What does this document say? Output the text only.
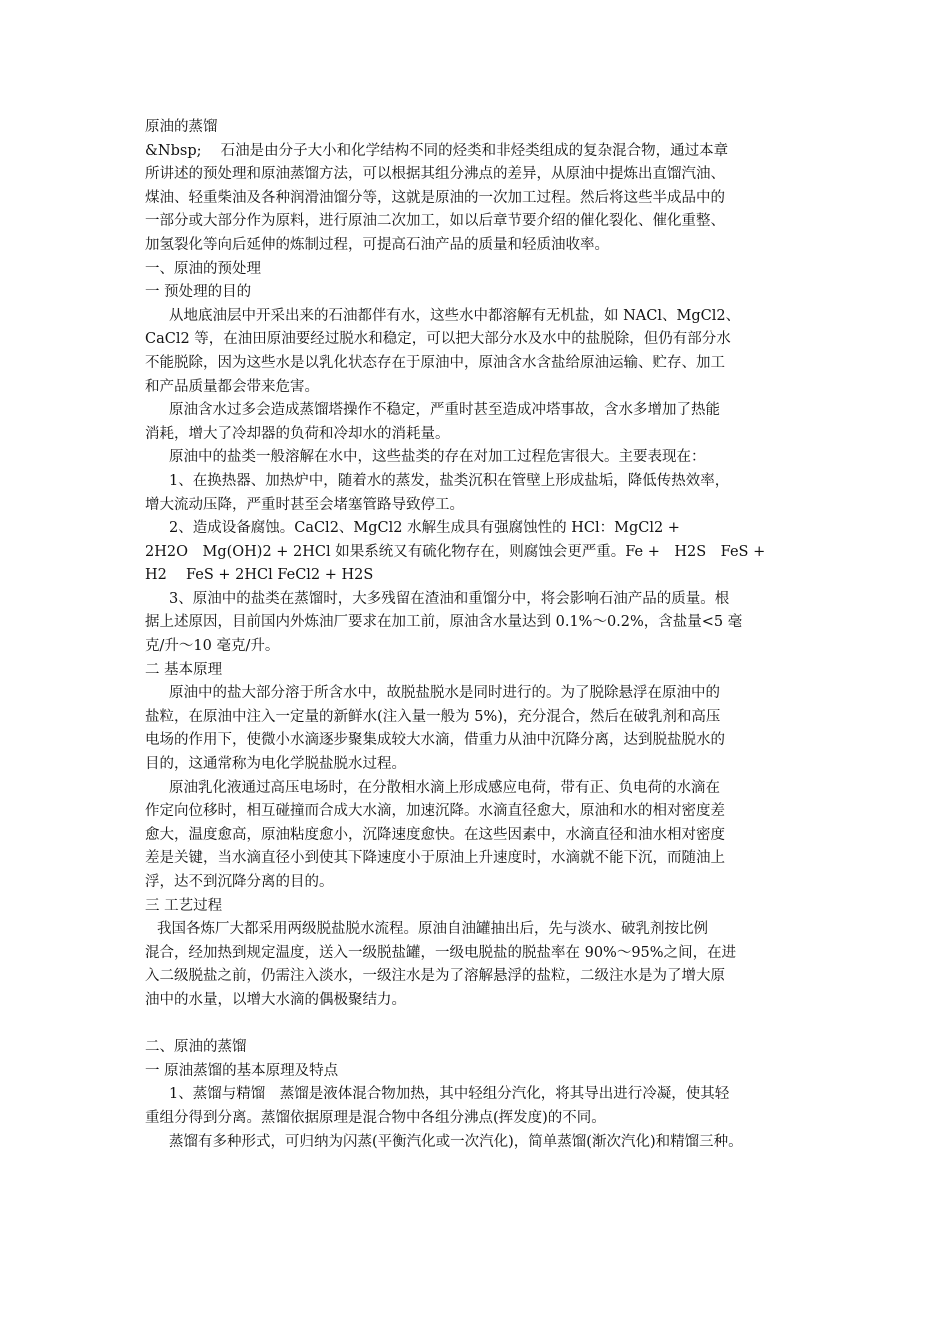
原油的蒸馏
&Nbsp;　 石油是由分子大小和化学结构不同的烃类和非烃类组成的复杂混合物，通过本章
所讲述的预处理和原油蒸馏方法，可以根据其组分沸点的差异，从原油中提炼出直馏汽油、
煤油、轻重柴油及各种润滑油馏分等，这就是原油的一次加工过程。然后将这些半成品中的
一部分或大部分作为原料，进行原油二次加工，如以后章节要介绍的催化裂化、催化重整、
加氢裂化等向后延伸的炼制过程，可提高石油产品的质量和轻质油收率。
一、原油的预处理
一 预处理的目的
从地底油层中开采出来的石油都伴有水，这些水中都溶解有无机盐，如 NACl、MgCl2、
CaCl2 等，在油田原油要经过脱水和稳定，可以把大部分水及水中的盐脱除，但仍有部分水
不能脱除，因为这些水是以乳化状态存在于原油中，原油含水含盐给原油运输、贮存、加工
和产品质量都会带来危害。
原油含水过多会造成蒸馏塔操作不稳定，严重时甚至造成冲塔事故，含水多增加了热能
消耗，增大了冷却器的负荷和冷却水的消耗量。
原油中的盐类一般溶解在水中，这些盐类的存在对加工过程危害很大。主要表现在：
1、在换热器、加热炉中，随着水的蒸发，盐类沉积在管壁上形成盐垢，降低传热效率，
增大流动压降，严重时甚至会堵塞管路导致停工。
2、造成设备腐蚀。CaCl2、MgCl2 水解生成具有强腐蚀性的 HCl：MgCl2 +
2H2O　Mg(OH)2 + 2HCl 如果系统又有硫化物存在，则腐蚀会更严重。Fe +　H2S　FeS +
H2　 FeS + 2HCl FeCl2 + H2S
3、原油中的盐类在蒸馏时，大多残留在渣油和重馏分中，将会影响石油产品的质量。根
据上述原因，目前国内外炼油厂要求在加工前，原油含水量达到 0.1%～0.2%，含盐量<5 毫
克/升～10 毫克/升。
二 基本原理
原油中的盐大部分溶于所含水中，故脱盐脱水是同时进行的。为了脱除悬浮在原油中的
盐粒，在原油中注入一定量的新鲜水(注入量一般为 5%)，充分混合，然后在破乳剂和高压
电场的作用下，使微小水滴逐步聚集成较大水滴，借重力从油中沉降分离，达到脱盐脱水的
目的，这通常称为电化学脱盐脱水过程。
原油乳化液通过高压电场时，在分散相水滴上形成感应电荷，带有正、负电荷的水滴在
作定向位移时，相互碰撞而合成大水滴，加速沉降。水滴直径愈大，原油和水的相对密度差
愈大，温度愈高，原油粘度愈小，沉降速度愈快。在这些因素中，水滴直径和油水相对密度
差是关键，当水滴直径小到使其下降速度小于原油上升速度时，水滴就不能下沉，而随油上
浮，达不到沉降分离的目的。
三 工艺过程
我国各炼厂大都采用两级脱盐脱水流程。原油自油罐抽出后，先与淡水、破乳剂按比例
混合，经加热到规定温度，送入一级脱盐罐，一级电脱盐的脱盐率在 90%～95%之间，在进
入二级脱盐之前，仍需注入淡水，一级注水是为了溶解悬浮的盐粒，二级注水是为了增大原
油中的水量，以增大水滴的偶极聚结力。
二、原油的蒸馏
一 原油蒸馏的基本原理及特点
1、蒸馏与精馏　蒸馏是液体混合物加热，其中轻组分汽化，将其导出进行冷凝，使其轻
重组分得到分离。蒸馏依据原理是混合物中各组分沸点(挥发度)的不同。
蒸馏有多种形式，可归纳为闪蒸(平衡汽化或一次汽化)，简单蒸馏(渐次汽化)和精馏三种。
